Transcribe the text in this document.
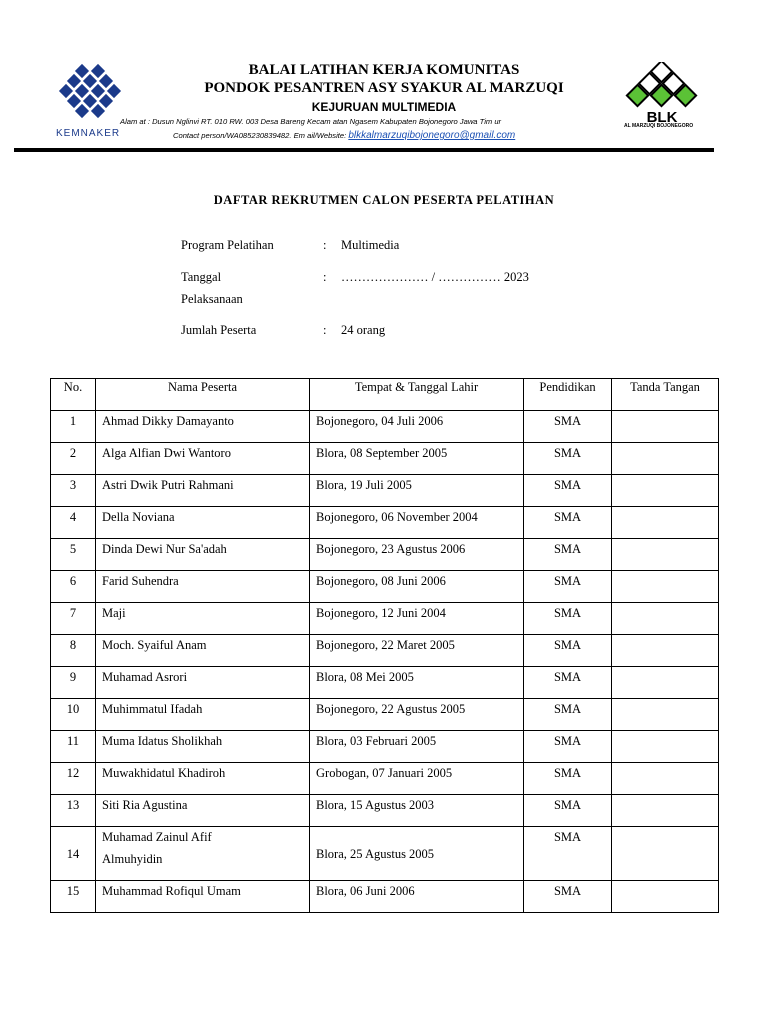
KEMNAKER
BALAI LATIHAN KERJA KOMUNITAS
PONDOK PESANTREN ASY SYAKUR AL MARZUQI
KEJURUAN MULTIMEDIA
Alam at : Dusun Nglinvi RT. 010 RW. 003 Desa Bareng Kecam atan Ngasem Kabupaten Bojonegoro Jawa Tim ur
Contact person/WA085230839482. Em ail/Website: blkkalmarzuqibojonegoro@gmail.com
BLK
AL MARZUQI BOJONEGORO
DAFTAR REKRUTMEN CALON PESERTA PELATIHAN
Program Pelatihan	: Multimedia
Tanggal
Pelaksanaan
: ………………… / …………… 2023
Jumlah Peserta	: 24 orang
No.	Nama Peserta	Tempat & Tanggal Lahir	Pendidikan	Tanda Tangan
1	Ahmad Dikky Damayanto	Bojonegoro, 04 Juli 2006	SMA	
2	Alga Alfian Dwi Wantoro	Blora, 08 September 2005	SMA	
3	Astri Dwik Putri Rahmani	Blora, 19 Juli 2005	SMA	
4	Della Noviana	Bojonegoro, 06 November 2004	SMA	
5	Dinda Dewi Nur Sa'adah	Bojonegoro, 23 Agustus 2006	SMA	
6	Farid Suhendra	Bojonegoro, 08 Juni 2006	SMA	
7	Maji	Bojonegoro, 12 Juni 2004	SMA	
8	Moch. Syaiful Anam	Bojonegoro, 22 Maret 2005	SMA	
9	Muhamad Asrori	Blora, 08 Mei 2005	SMA	
10	Muhimmatul Ifadah	Bojonegoro, 22 Agustus 2005	SMA	
11	Muma Idatus Sholikhah	Blora, 03 Februari 2005	SMA	
12	Muwakhidatul Khadiroh	Grobogan, 07 Januari 2005	SMA	
13	Siti Ria Agustina	Blora, 15 Agustus 2003	SMA	
14	Muhamad Zainul Afif
Almuhyidin	Blora, 25 Agustus 2005	SMA	
15	Muhammad Rofiqul Umam	Blora, 06 Juni 2006	SMA	
